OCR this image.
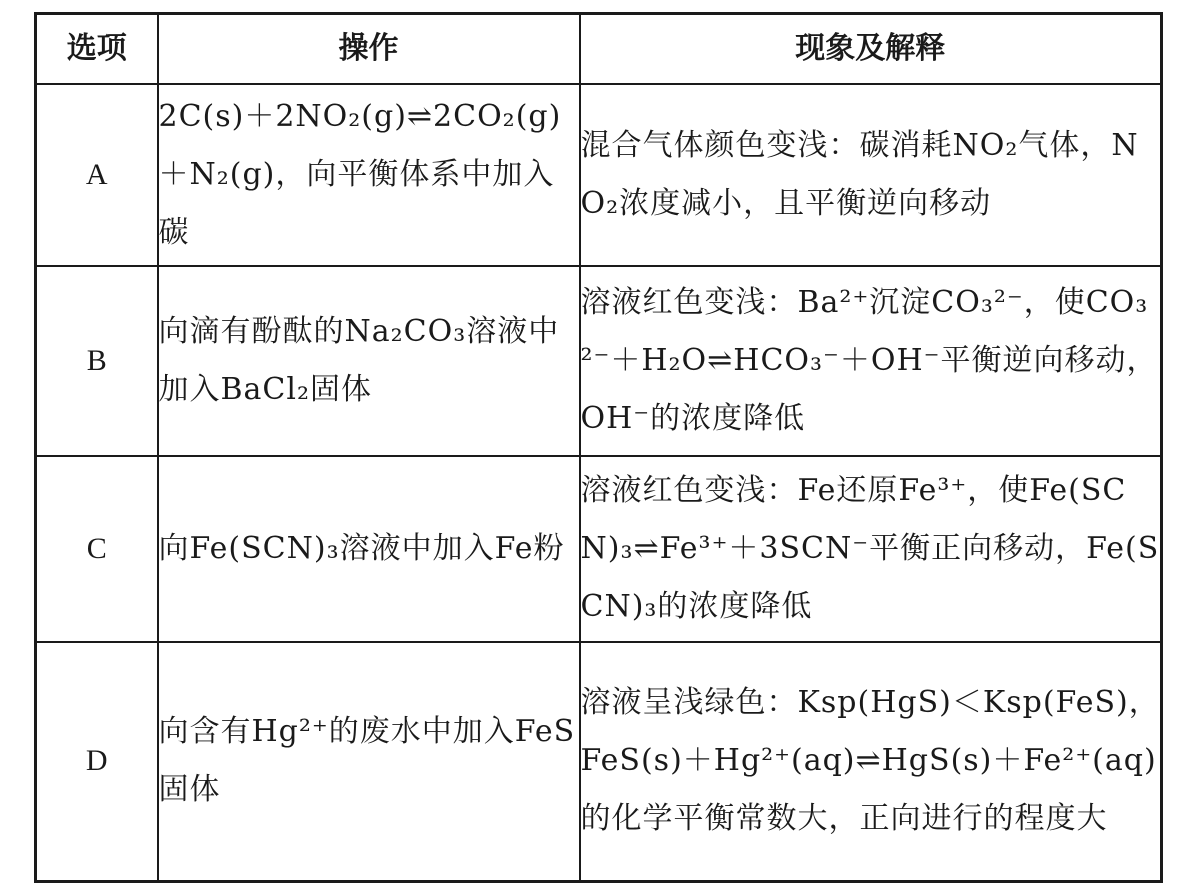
选项	操作	现象及解释
A	2C(s)＋2NO₂(g)⇌2CO₂(g)＋N₂(g)，向平衡体系中加入碳	混合气体颜色变浅：碳消耗NO₂气体，NO₂浓度减小，且平衡逆向移动
B	向滴有酚酞的Na₂CO₃溶液中加入BaCl₂固体	溶液红色变浅：Ba²⁺沉淀CO₃²⁻，使CO₃²⁻＋H₂O⇌HCO₃⁻＋OH⁻平衡逆向移动，OH⁻的浓度降低
C	向Fe(SCN)₃溶液中加入Fe粉	溶液红色变浅：Fe还原Fe³⁺，使Fe(SCN)₃⇌Fe³⁺＋3SCN⁻平衡正向移动，Fe(SCN)₃的浓度降低
D	向含有Hg²⁺的废水中加入FeS固体	溶液呈浅绿色：Ksp(HgS)＜Ksp(FeS)，FeS(s)＋Hg²⁺(aq)⇌HgS(s)＋Fe²⁺(aq)的化学平衡常数大，正向进行的程度大
